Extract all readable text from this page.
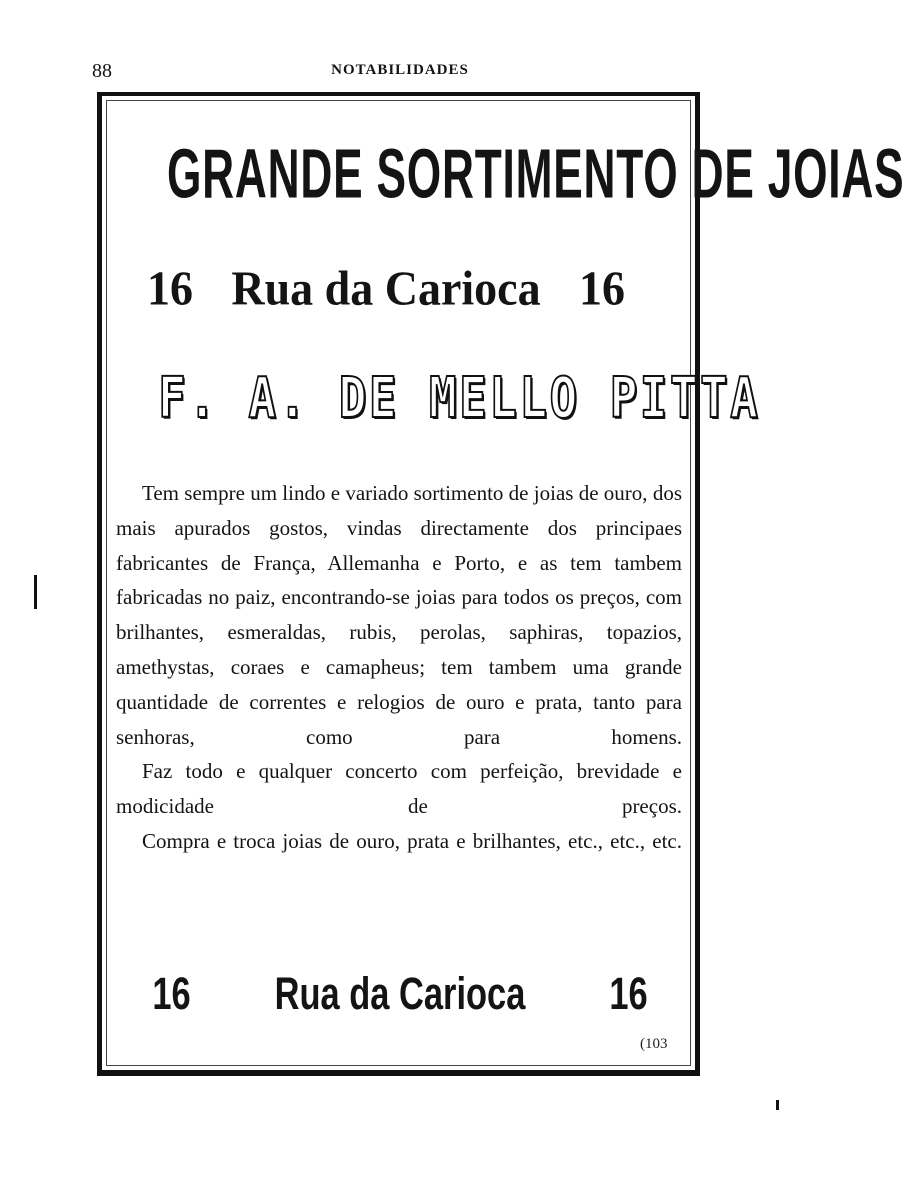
88	NOTABILIDADES
GRANDE SORTIMENTO DE JOIAS
16 Rua da Carioca 16
F. A. DE MELLO PITTA

Tem sempre um lindo e variado sortimento de joias de ouro, dos mais apurados gostos, vindas directamente dos principaes fabricantes de França, Allemanha e Porto, e as tem tambem fabricadas no paiz, encontrando-se joias para todos os preços, com brilhantes, esmeraldas, rubis, perolas, saphiras, topazios, amethystas, coraes e camapheus; tem tambem uma grande quantidade de correntes e relogios de ouro e prata, tanto para senhoras, como para homens.

Faz todo e qualquer concerto com perfeição, brevidade e modicidade de preços.

Compra e troca joias de ouro, prata e brilhantes, etc., etc., etc.

16	Rua da Carioca	16
(103
